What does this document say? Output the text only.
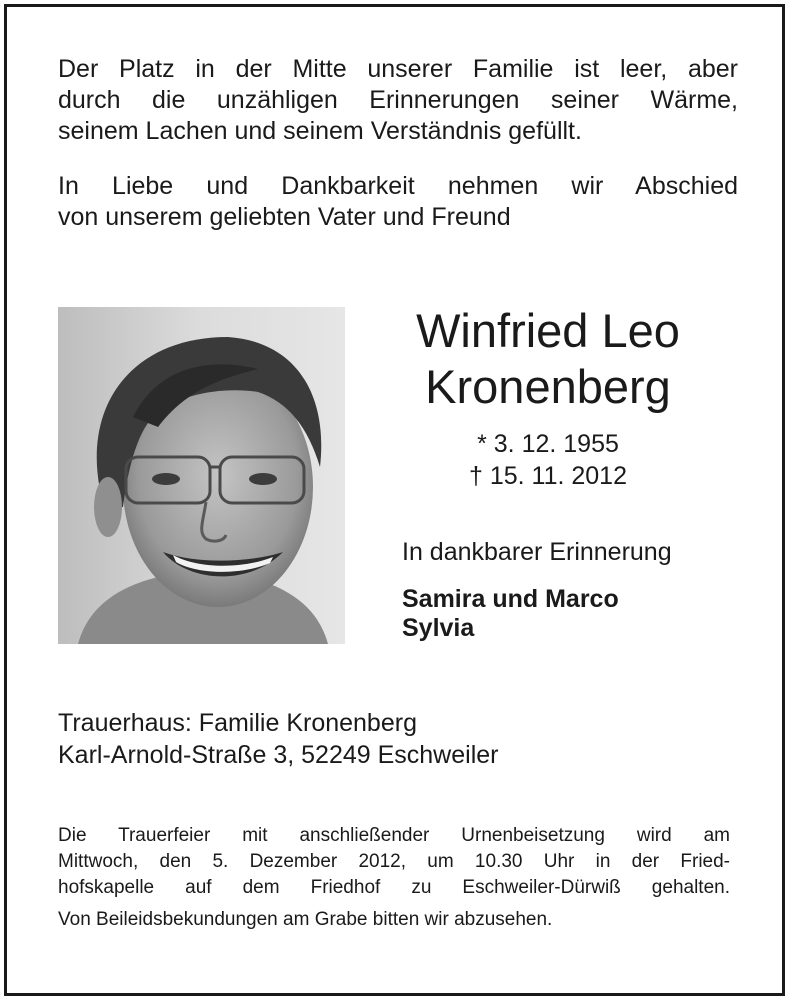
Der Platz in der Mitte unserer Familie ist leer, aber
durch die unzähligen Erinnerungen seiner Wärme,
seinem Lachen und seinem Verständnis gefüllt.

In Liebe und Dankbarkeit nehmen wir Abschied
von unserem geliebten Vater und Freund

Winfried Leo
Kronenberg
* 3. 12. 1955
† 15. 11. 2012
In dankbarer Erinnerung
Samira und Marco
Sylvia
Trauerhaus: Familie Kronenberg
Karl-Arnold-Straße 3, 52249 Eschweiler

Die Trauerfeier mit anschließender Urnenbeisetzung wird am
Mittwoch, den 5. Dezember 2012, um 10.30 Uhr in der Fried-
hofskapelle auf dem Friedhof zu Eschweiler-Dürwiß gehalten.

Von Beileidsbekundungen am Grabe bitten wir abzusehen.
